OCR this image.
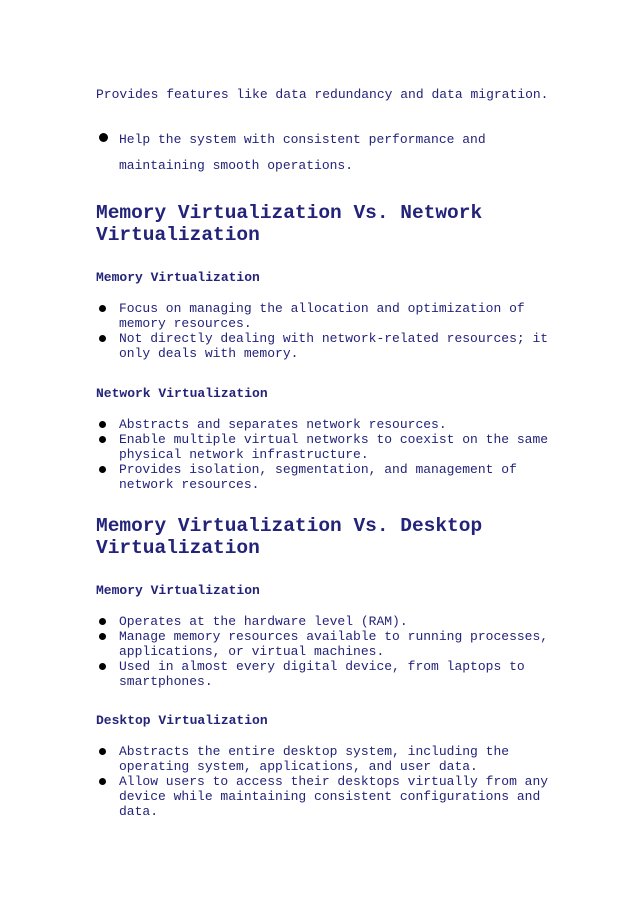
Provides features like data redundancy and data migration.
Help the system with consistent performance and maintaining smooth operations.
Memory Virtualization Vs. Network Virtualization
Memory Virtualization
Focus on managing the allocation and optimization of memory resources.
Not directly dealing with network-related resources; it only deals with memory.
Network Virtualization
Abstracts and separates network resources.
Enable multiple virtual networks to coexist on the same physical network infrastructure.
Provides isolation, segmentation, and management of network resources.
Memory Virtualization Vs. Desktop Virtualization
Memory Virtualization
Operates at the hardware level (RAM).
Manage memory resources available to running processes, applications, or virtual machines.
Used in almost every digital device, from laptops to smartphones.
Desktop Virtualization
Abstracts the entire desktop system, including the operating system, applications, and user data.
Allow users to access their desktops virtually from any device while maintaining consistent configurations and data.
